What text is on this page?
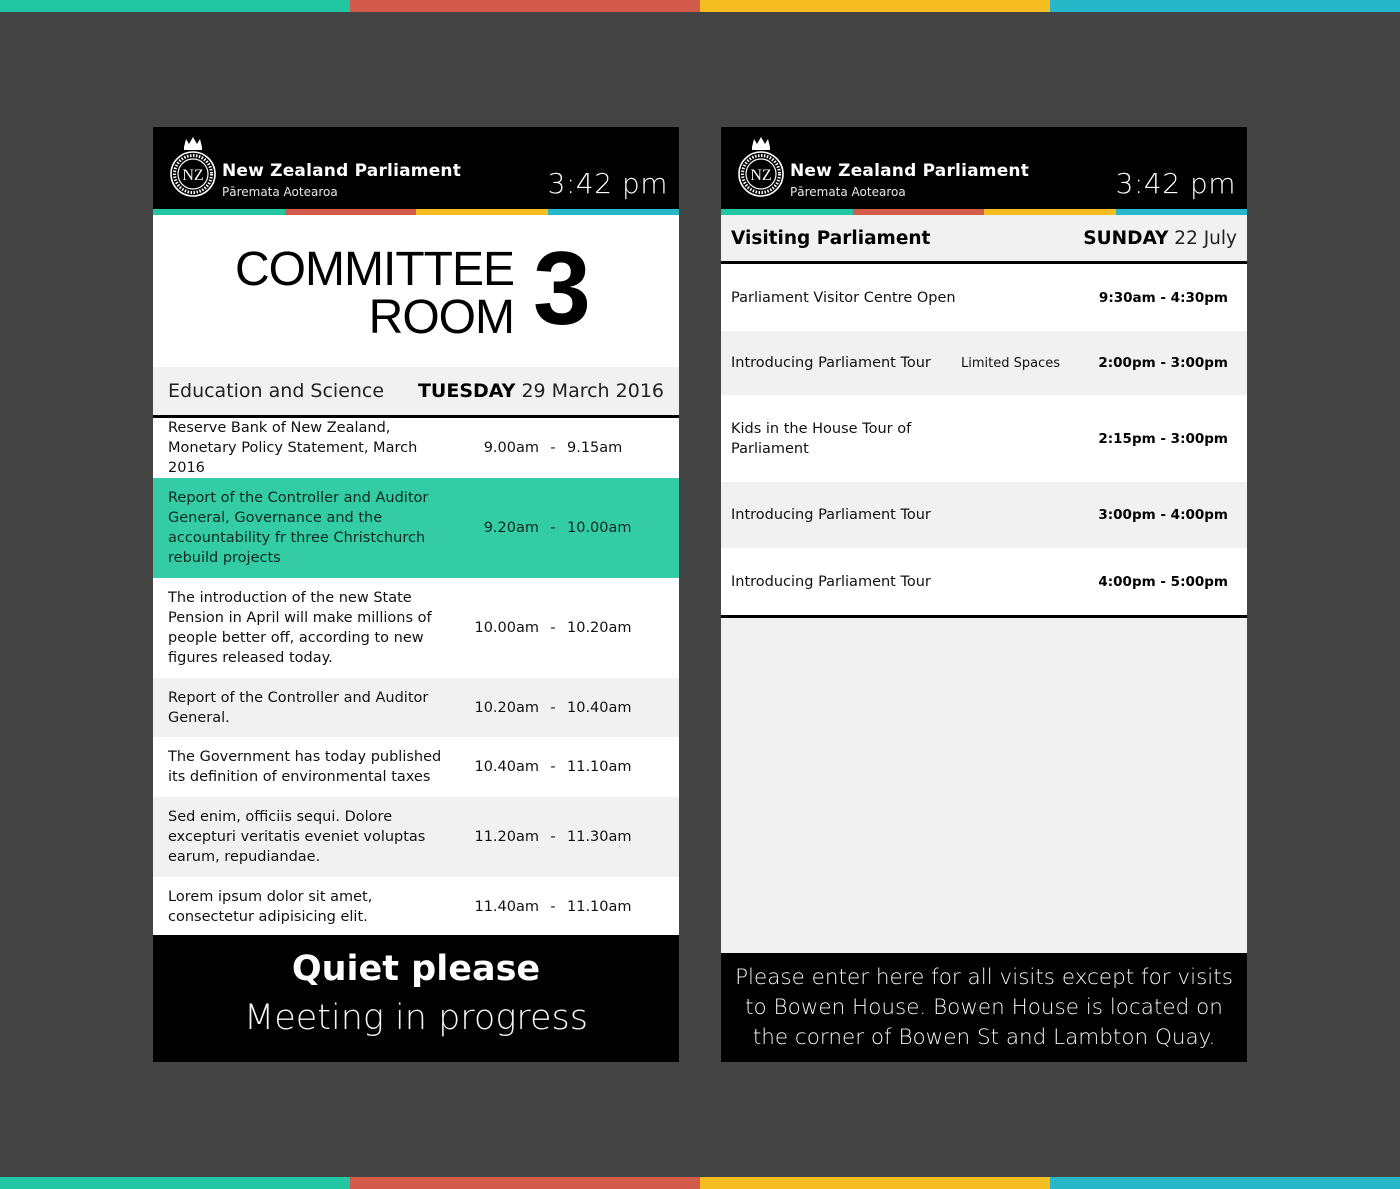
NZ New Zealand Parliament
Pāremata Aotearoa	3:42 pm
COMMITTEE
ROOM 3
Education and Science TUESDAY 29 March 2016
Reserve Bank of New Zealand, Monetary Policy Statement, March 2016
9.00am - 9.15am
Report of the Controller and Auditor General, Governance and the accountability fr three Christchurch rebuild projects
9.20am - 10.00am
The introduction of the new State Pension in April will make millions of people better off, according to new figures released today.
10.00am - 10.20am
Report of the Controller and Auditor General.
10.20am - 10.40am
The Government has today published its definition of environmental taxes
10.40am - 11.10am
Sed enim, officiis sequi. Dolore excepturi veritatis eveniet voluptas earum, repudiandae.
11.20am - 11.30am
Lorem ipsum dolor sit amet, consectetur adipisicing elit.
11.40am - 11.10am
Quiet please
Meeting in progress
NZ New Zealand Parliament
Pāremata Aotearoa	3:42 pm
Visiting Parliament	SUNDAY 22 July
Parliament Visitor Centre Open	9:30am - 4:30pm
Introducing Parliament Tour	Limited Spaces	2:00pm - 3:00pm
Kids in the House Tour of Parliament
2:15pm - 3:00pm
Introducing Parliament Tour	3:00pm - 4:00pm
Introducing Parliament Tour	4:00pm - 5:00pm
Please enter here for all visits except for visits to Bowen House. Bowen House is located on the corner of Bowen St and Lambton Quay.
